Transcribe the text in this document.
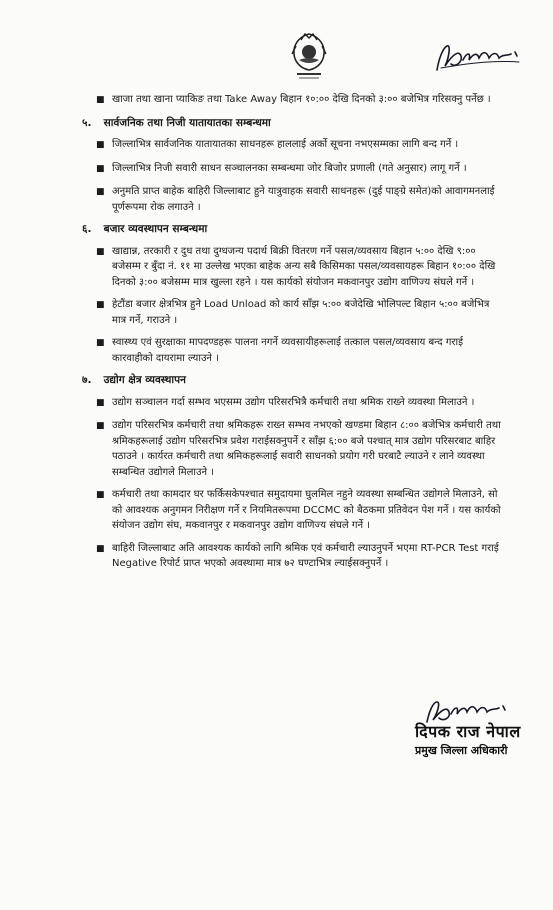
■ खाजा तथा खाना प्याकिङ तथा Take Away बिहान १०:०० देखि दिनको ३:०० बजेभित्र गरिसक्नु पर्नेछ ।
५. सार्वजनिक तथा निजी यातायातका सम्बन्धमा
■ जिल्लाभित्र सार्वजनिक यातायातका साधनहरू हाललाई अर्को सूचना नभएसम्मका लागि बन्द गर्ने ।
■ जिल्लाभित्र निजी सवारी साधन सञ्चालनका सम्बन्धमा जोर बिजोर प्रणाली (गते अनुसार) लागू गर्ने ।
■ अनुमति प्राप्त बाहेक बाहिरी जिल्लाबाट हुने यात्रुवाहक सवारी साधनहरू (दुई पाङ्ग्रे समेत)को आवागमनलाई पूर्णरूपमा रोक लगाउने ।
६. बजार व्यवस्थापन सम्बन्धमा
■ खाद्यान्न, तरकारी र दुध तथा दुग्धजन्य पदार्थ बिक्री वितरण गर्ने पसल/व्यवसाय बिहान ५:०० देखि ९:०० बजेसम्म र बुँदा नं. ११ मा उल्लेख भएका बाहेक अन्य सबै किसिमका पसल/व्यवसायहरू बिहान १०:०० देखि दिनको ३:०० बजेसम्म मात्र खुल्ला रहने । यस कार्यको संयोजन मकवानपुर उद्योग वाणिज्य संघले गर्ने ।
■ हेटौंडा बजार क्षेत्रभित्र हुने Load Unload को कार्य साँझ ५:०० बजेदेखि भोलिपल्ट बिहान ५:०० बजेभित्र मात्र गर्ने, गराउने ।
■ स्वास्थ्य एवं सुरक्षाका मापदण्डहरू पालना नगर्ने व्यवसायीहरूलाई तत्काल पसल/व्यवसाय बन्द गराई कारवाहीको दायरामा ल्याउने ।
७. उद्योग क्षेत्र व्यवस्थापन
■ उद्योग सञ्चालन गर्दा सम्भव भएसम्म उद्योग परिसरभित्रै कर्मचारी तथा श्रमिक राख्ने व्यवस्था मिलाउने ।
■ उद्योग परिसरभित्र कर्मचारी तथा श्रमिकहरू राख्न सम्भव नभएको खण्डमा बिहान ८:०० बजेभित्र कर्मचारी तथा श्रमिकहरूलाई उद्योग परिसरभित्र प्रवेश गराईसक्नुपर्ने र साँझ ६:०० बजे पश्चात् मात्र उद्योग परिसरबाट बाहिर पठाउने । कार्यरत कर्मचारी तथा श्रमिकहरूलाई सवारी साधनको प्रयोग गरी घरबाटै ल्याउने र लाने व्यवस्था सम्बन्धित उद्योगले मिलाउने ।
■ कर्मचारी तथा कामदार घर फर्किसकेपश्चात समुदायमा घुलमिल नहुने व्यवस्था सम्बन्धित उद्योगले मिलाउने, सो को आवश्यक अनुगमन निरीक्षण गर्ने र नियमितरूपमा DCCMC को बैठकमा प्रतिवेदन पेश गर्ने । यस कार्यको संयोजन उद्योग संघ, मकवानपुर र मकवानपुर उद्योग वाणिज्य संघले गर्ने ।
■ बाहिरी जिल्लाबाट अति आवश्यक कार्यको लागि श्रमिक एवं कर्मचारी ल्याउनुपर्ने भएमा RT-PCR Test गराई Negative रिपोर्ट प्राप्त भएको अवस्थामा मात्र ७२ घण्टाभित्र ल्याईसक्नुपर्ने ।
दिपक राज नेपाल
प्रमुख जिल्ला अधिकारी
